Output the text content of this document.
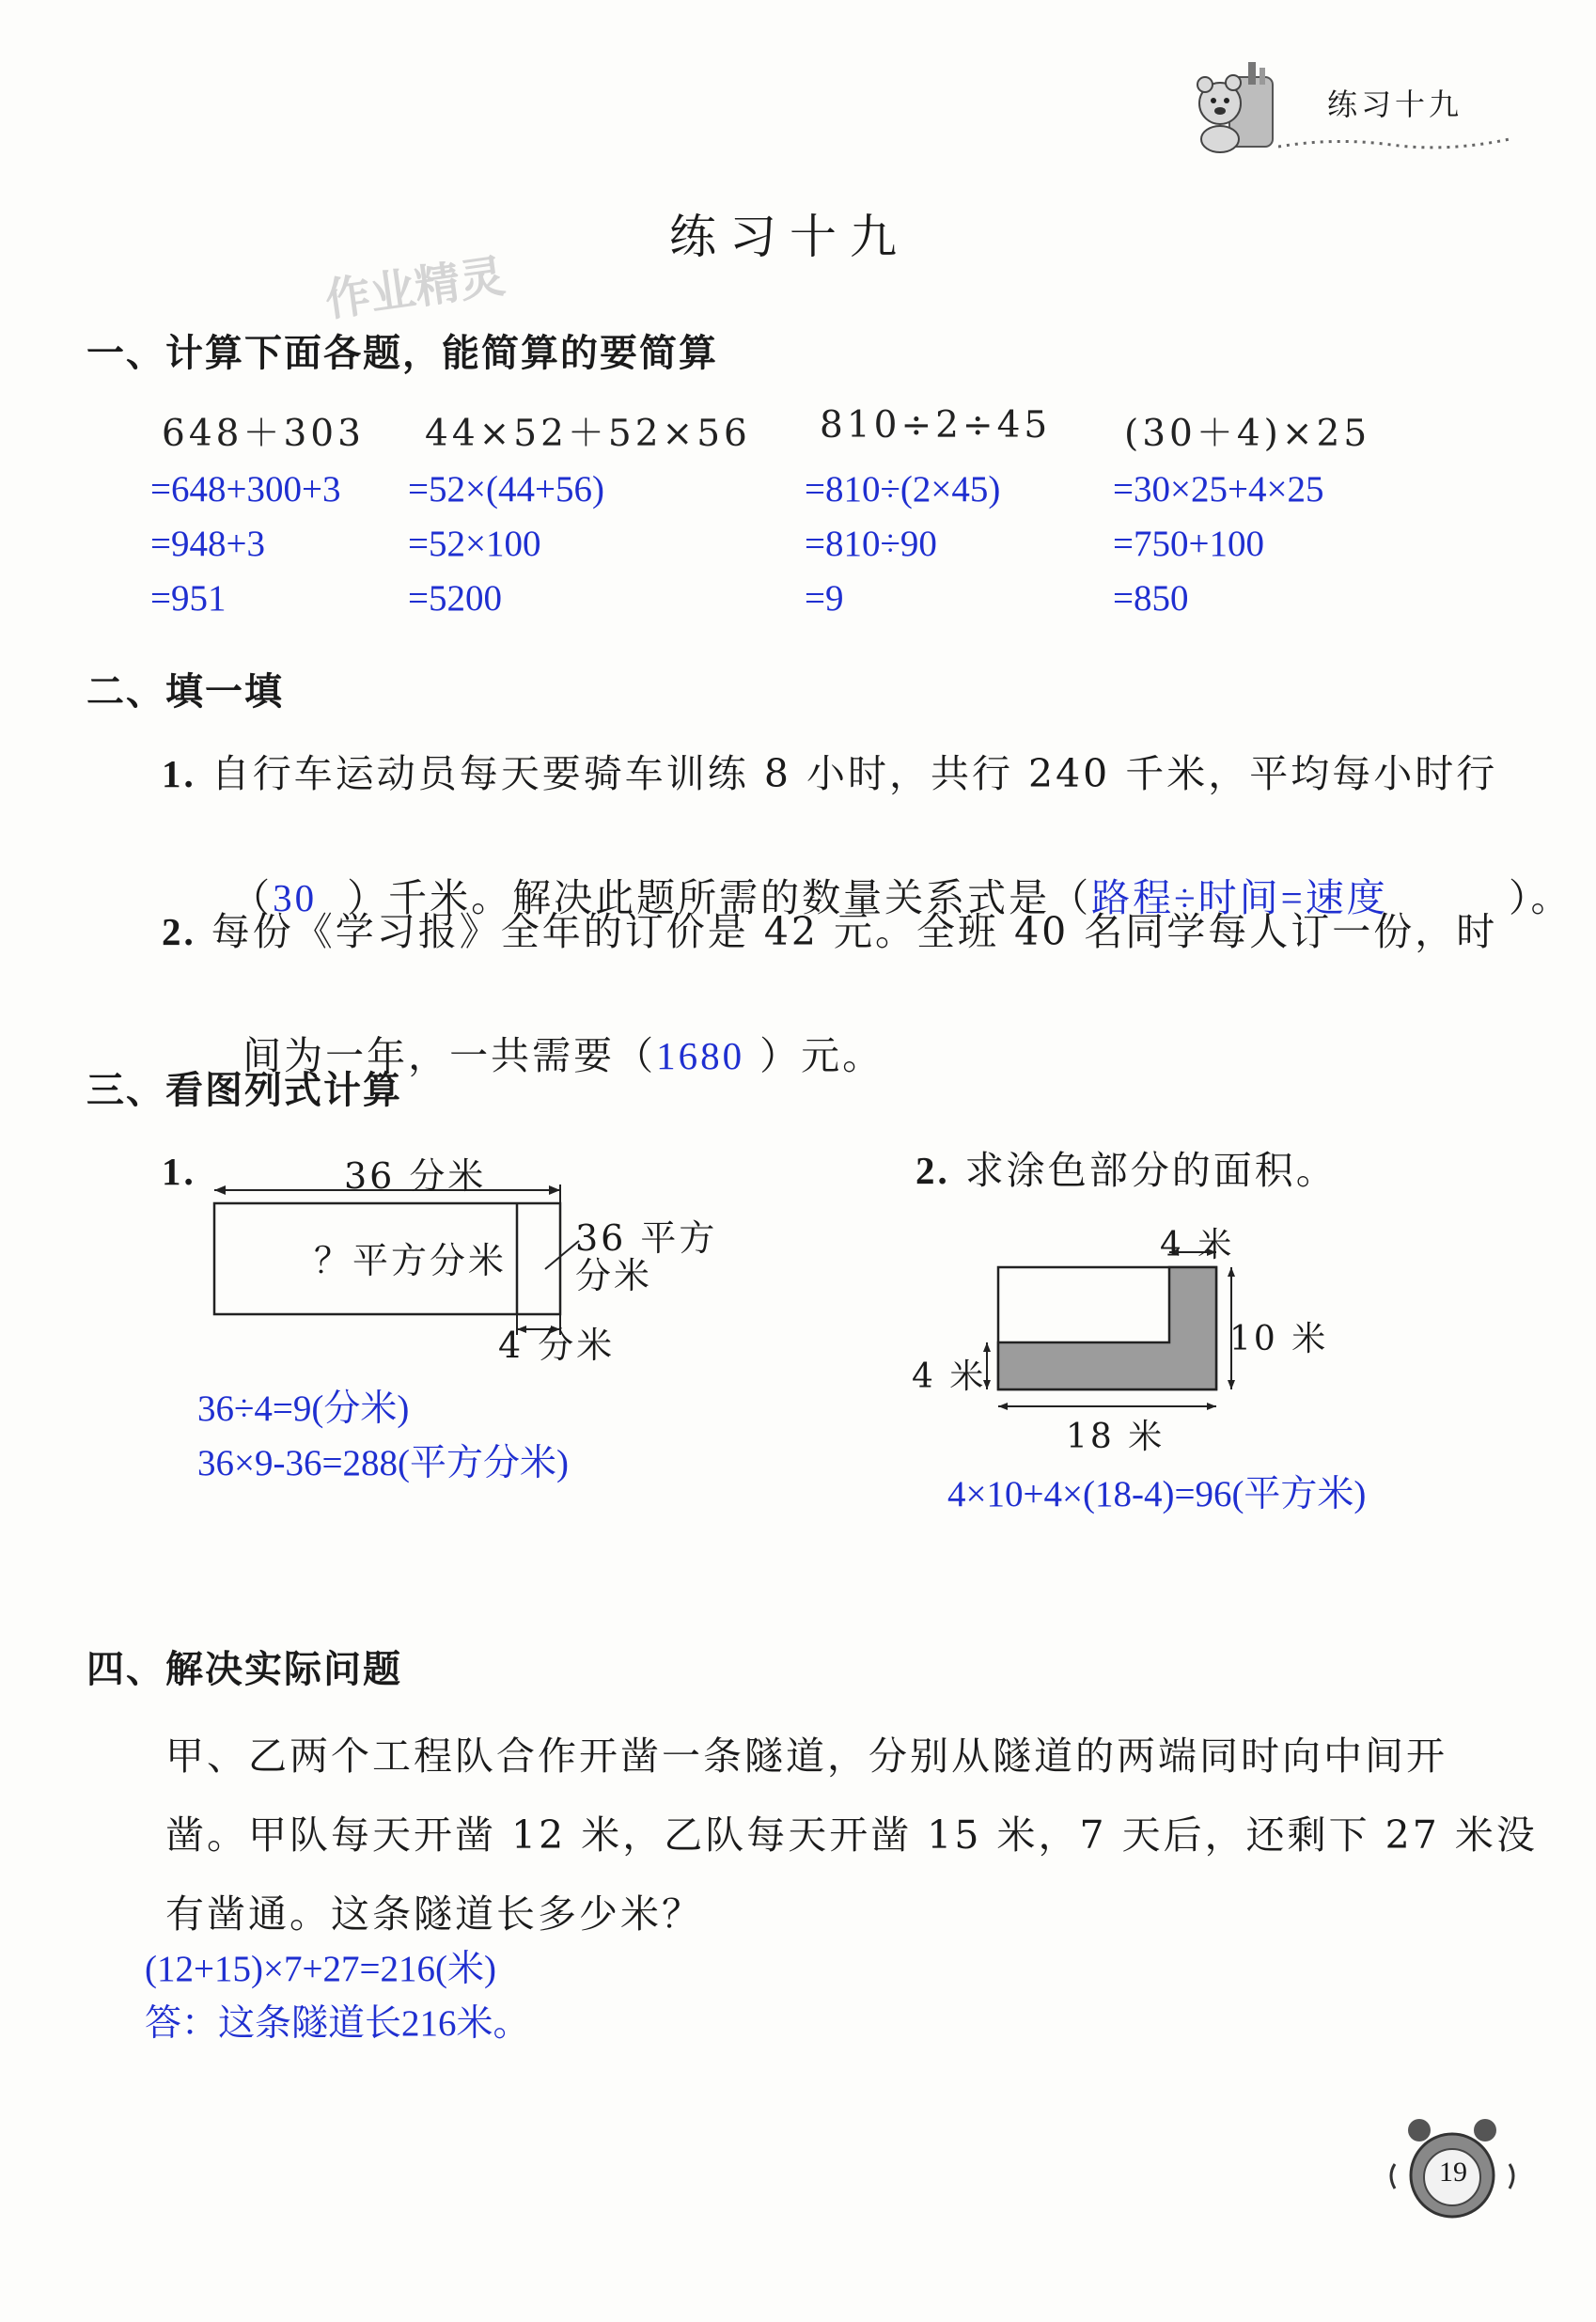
练习十九
练习十九
作业精灵
一、计算下面各题，能简算的要简算
648＋303
=648+300+3
=948+3
=951
44×52＋52×56
=52×(44+56)
=52×100
=5200
810÷2÷45
=810÷(2×45)
=810÷90
=9
(30＋4)×25
=30×25+4×25
=750+100
=850
二、填一填
1. 自行车运动员每天要骑车训练 8 小时，共行 240 千米，平均每小时行

（30  ）千米。解决此题所需的数量关系式是（路程÷时间=速度        ）。

2. 每份《学习报》全年的订价是 42 元。全班 40 名同学每人订一份，时

间为一年，一共需要（1680 ）元。

三、看图列式计算
1.	36 分米
？平方分米
36 平方
分米
4 分米
36÷4=9(分米)
36×9-36=288(平方分米)
2. 求涂色部分的面积。
4 米
10 米
4 米
18 米
4×10+4×(18-4)=96(平方米)
四、解决实际问题
甲、乙两个工程队合作开凿一条隧道，分别从隧道的两端同时向中间开
凿。甲队每天开凿 12 米，乙队每天开凿 15 米，7 天后，还剩下 27 米没
有凿通。这条隧道长多少米？
(12+15)×7+27=216(米)
答：这条隧道长216米。
19
